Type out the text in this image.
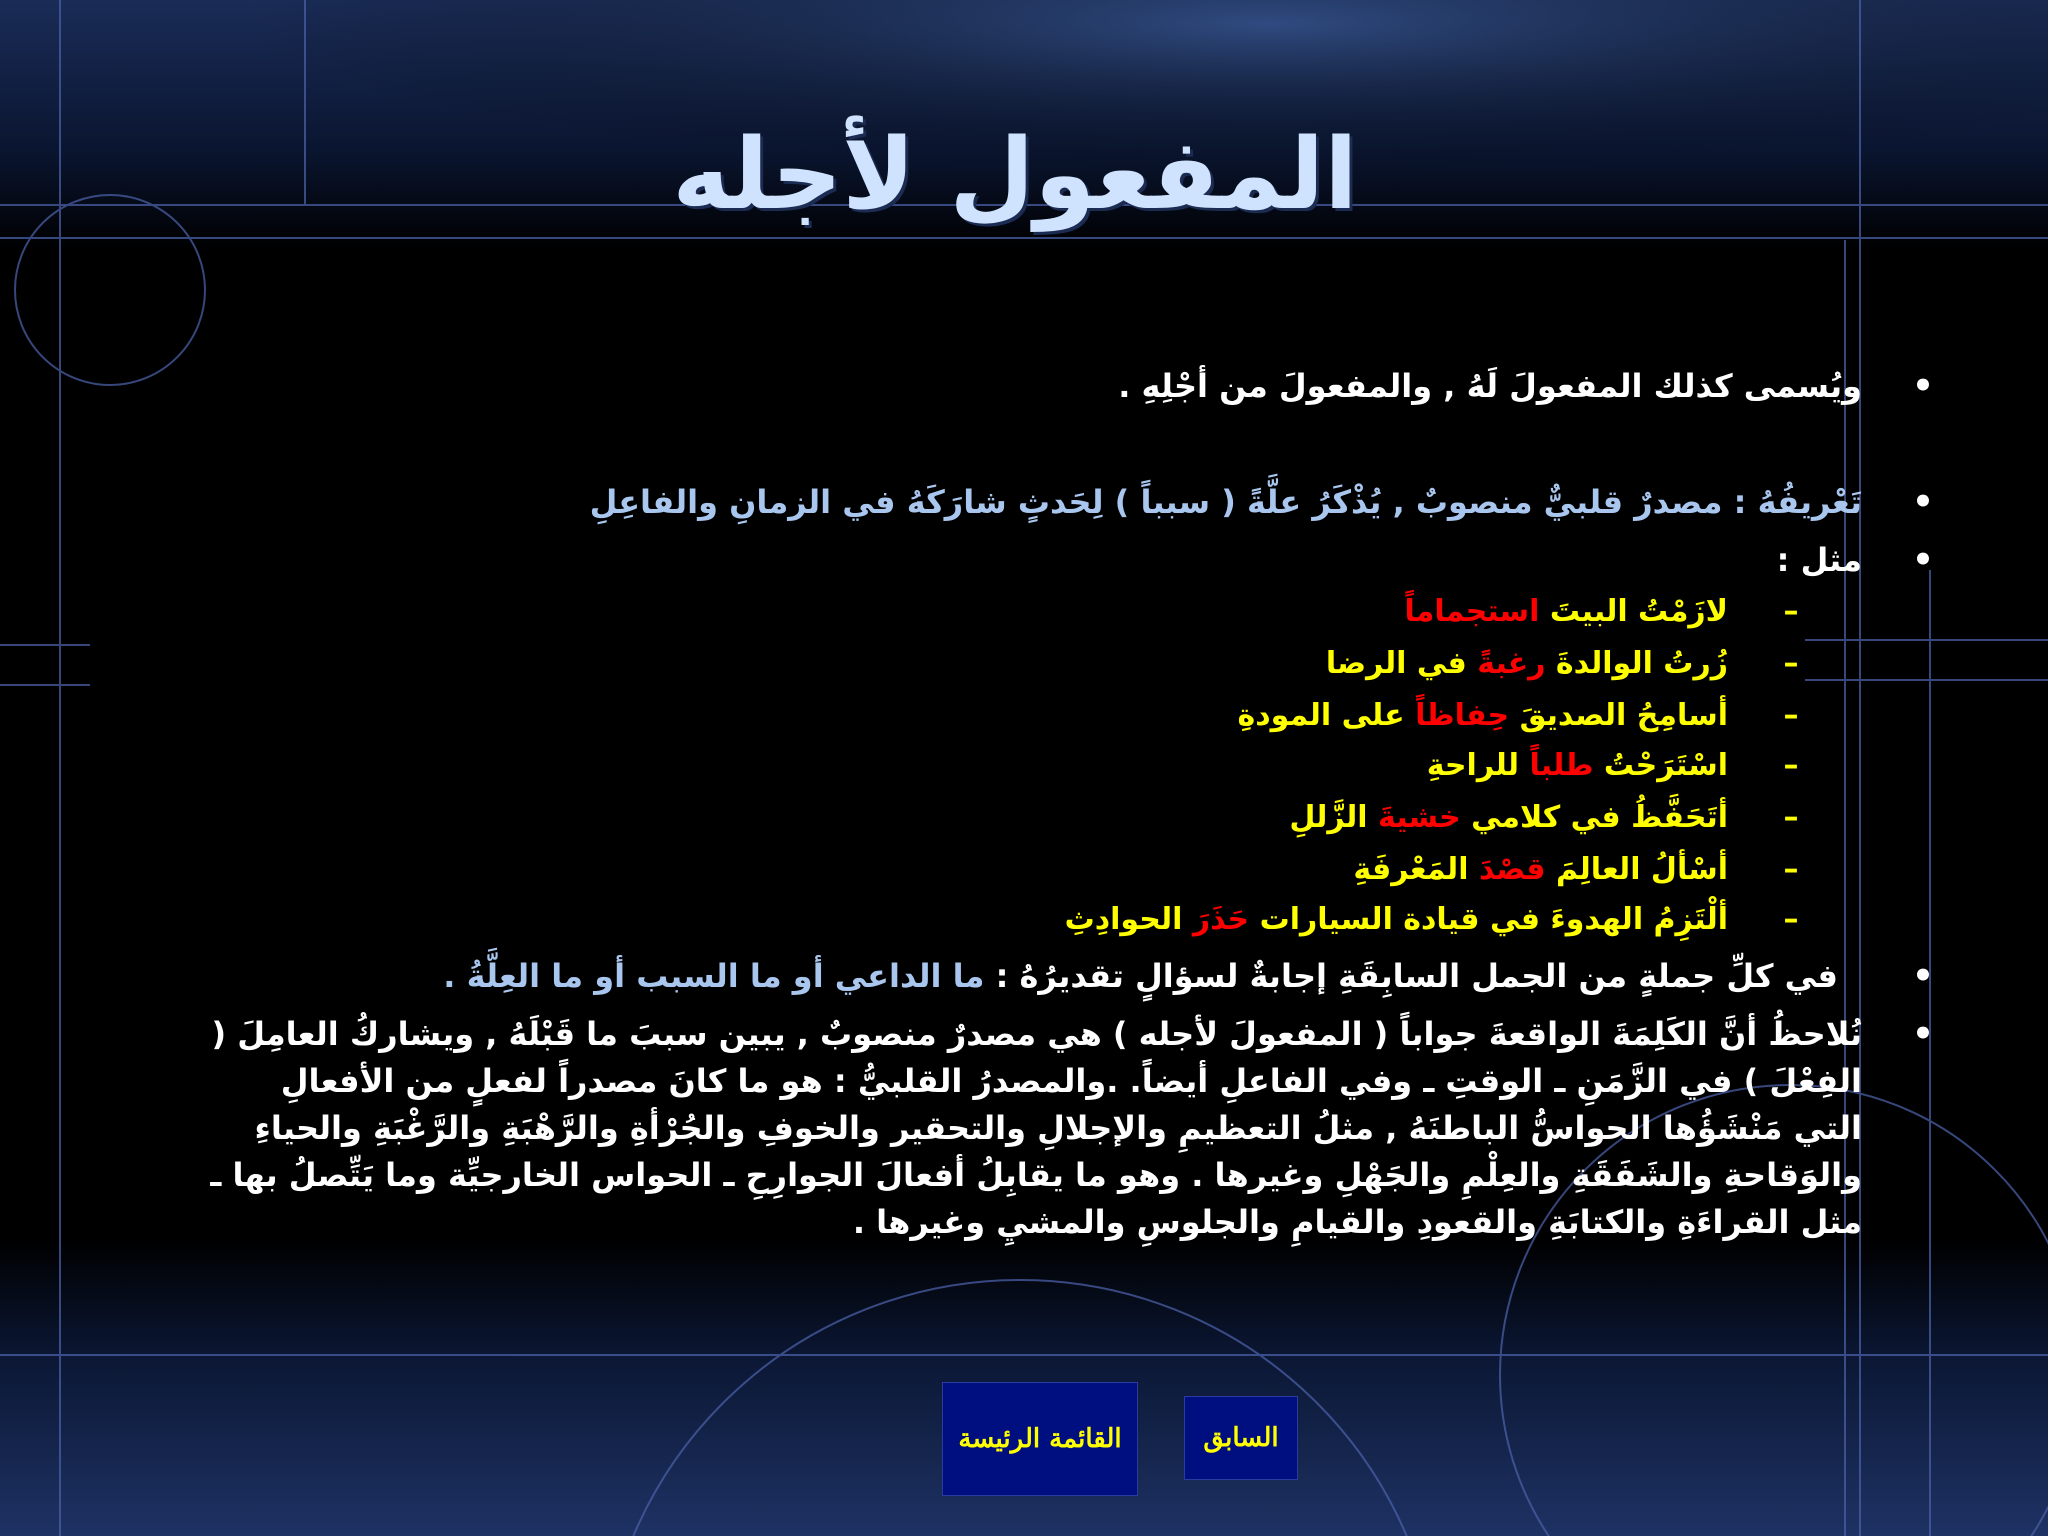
المفعول لأجله
•
ويُسمى كذلك المفعولَ لَهُ , والمفعولَ من أجْلِهِ .
•
تَعْريفُهُ : مصدرٌ قلبيٌّ منصوبٌ , يُذْكَرُ علَّةً ( سبباً ) لِحَدثٍ شارَكَهُ في الزمانِ والفاعِلِ
•
مثل :
–
لازَمْتُ البيتَ استجماماً
–
زُرتُ الوالدةَ رغبةً في الرضا
–
أسامِحُ الصديقَ حِفاظاً على المودةِ
–
اسْتَرَحْتُ طلباً للراحةِ
–
أتَحَفَّظُ في كلامي خشيةَ الزَّللِ
–
أسْألُ العالِمَ قصْدَ المَعْرفَةِ
–
ألْتَزِمُ الهدوءَ في قيادة السيارات حَذَرَ الحوادِثِ
•
في كلِّ جملةٍ من الجمل السابِقَةِ إجابةٌ لسؤالٍ تقديرُهُ : ما الداعي أو ما السبب أو ما العِلَّةُ .
•
نُلاحظُ أنَّ الكَلِمَةَ الواقعةَ جواباً ( المفعولَ لأجله ) هي مصدرٌ منصوبٌ , يبين سببَ ما قَبْلَهُ , ويشاركُ العامِلَ ( الفِعْلَ ) في الزَّمَنِ ـ الوقتِ ـ وفي الفاعلِ أيضاً. .والمصدرُ القلبيُّ : هو ما كانَ مصدراً لفعلٍ من الأفعالِ التي مَنْشَؤُها الحواسُّ الباطنَهُ , مثلُ التعظيمِ والإجلالِ والتحقير والخوفِ والجُرْأةِ والرَّهْبَةِ والرَّغْبَةِ والحياءِ والوَقاحةِ والشَفَقَةِ والعِلْمِ والجَهْلِ وغيرها . وهو ما يقابِلُ أفعالَ الجوارِحِ ـ الحواس الخارجيِّة وما يَتِّصلُ بها ـ مثل القراءَةِ والكتابَةِ والقعودِ والقيامِ والجلوسِ والمشيِ وغيرها .
القائمة الرئيسة	السابق
